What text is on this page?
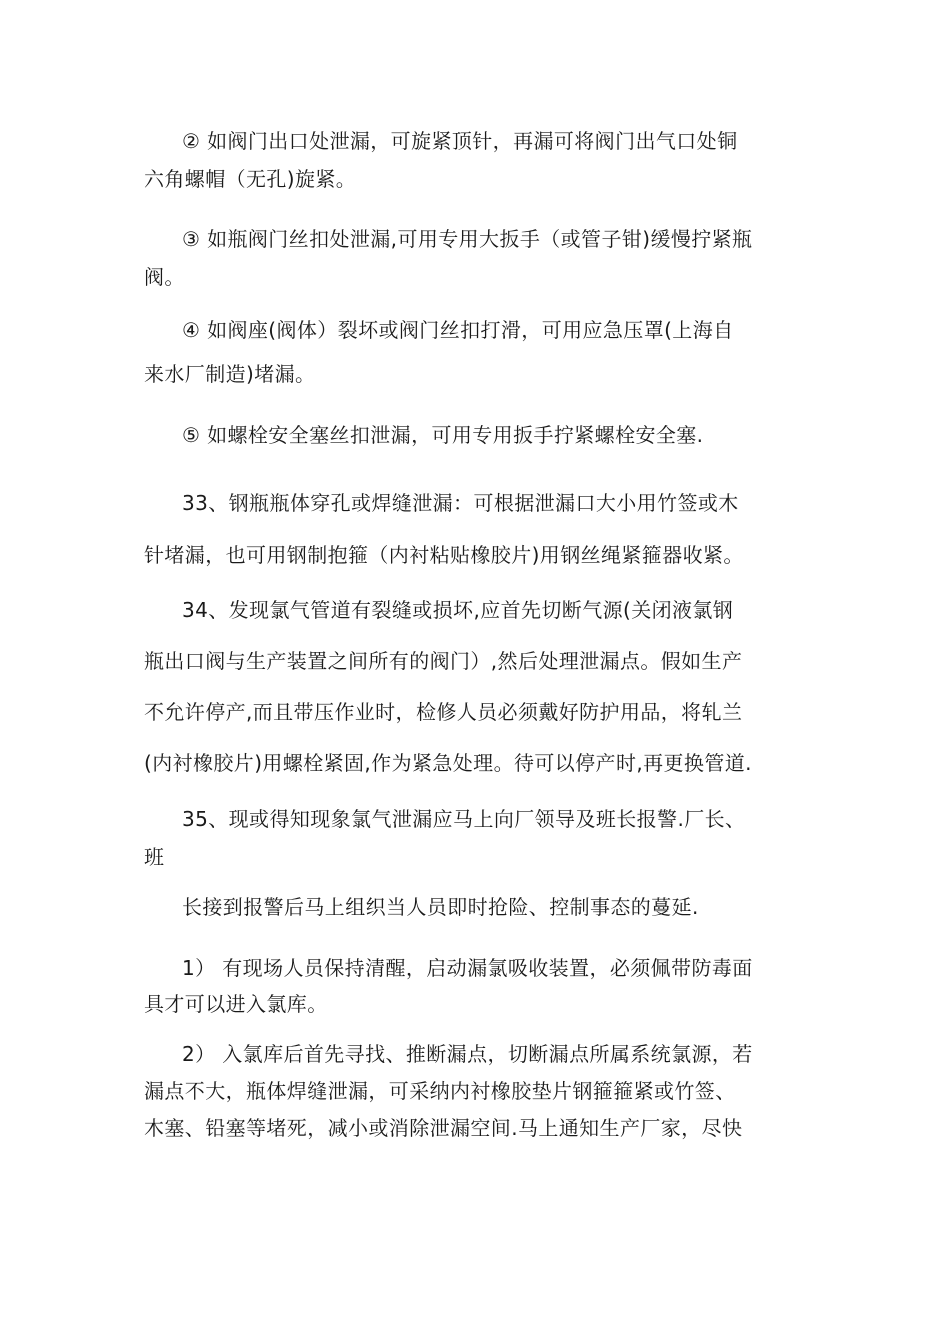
② 如阀门出口处泄漏，可旋紧顶针，再漏可将阀门出气口处铜
六角螺帽（无孔)旋紧。
③ 如瓶阀门丝扣处泄漏,可用专用大扳手（或管子钳)缓慢拧紧瓶
阀。
④ 如阀座(阀体）裂坏或阀门丝扣打滑，可用应急压罩(上海自
来水厂制造)堵漏。
⑤ 如螺栓安全塞丝扣泄漏，可用专用扳手拧紧螺栓安全塞.
33、钢瓶瓶体穿孔或焊缝泄漏：可根据泄漏口大小用竹签或木
针堵漏，也可用钢制抱箍（内衬粘贴橡胶片)用钢丝绳紧箍器收紧。
34、发现氯气管道有裂缝或损坏,应首先切断气源(关闭液氯钢
瓶出口阀与生产装置之间所有的阀门）,然后处理泄漏点。假如生产
不允许停产,而且带压作业时，检修人员必须戴好防护用品，将轧兰
(内衬橡胶片)用螺栓紧固,作为紧急处理。待可以停产时,再更换管道.
35、现或得知现象氯气泄漏应马上向厂领导及班长报警.厂长、
班
长接到报警后马上组织当人员即时抢险、控制事态的蔓延.
1） 有现场人员保持清醒，启动漏氯吸收装置，必须佩带防毒面
具才可以进入氯库。
2） 入氯库后首先寻找、推断漏点，切断漏点所属系统氯源，若
漏点不大，瓶体焊缝泄漏，可采纳内衬橡胶垫片钢箍箍紧或竹签、
木塞、铅塞等堵死，减小或消除泄漏空间.马上通知生产厂家，尽快
